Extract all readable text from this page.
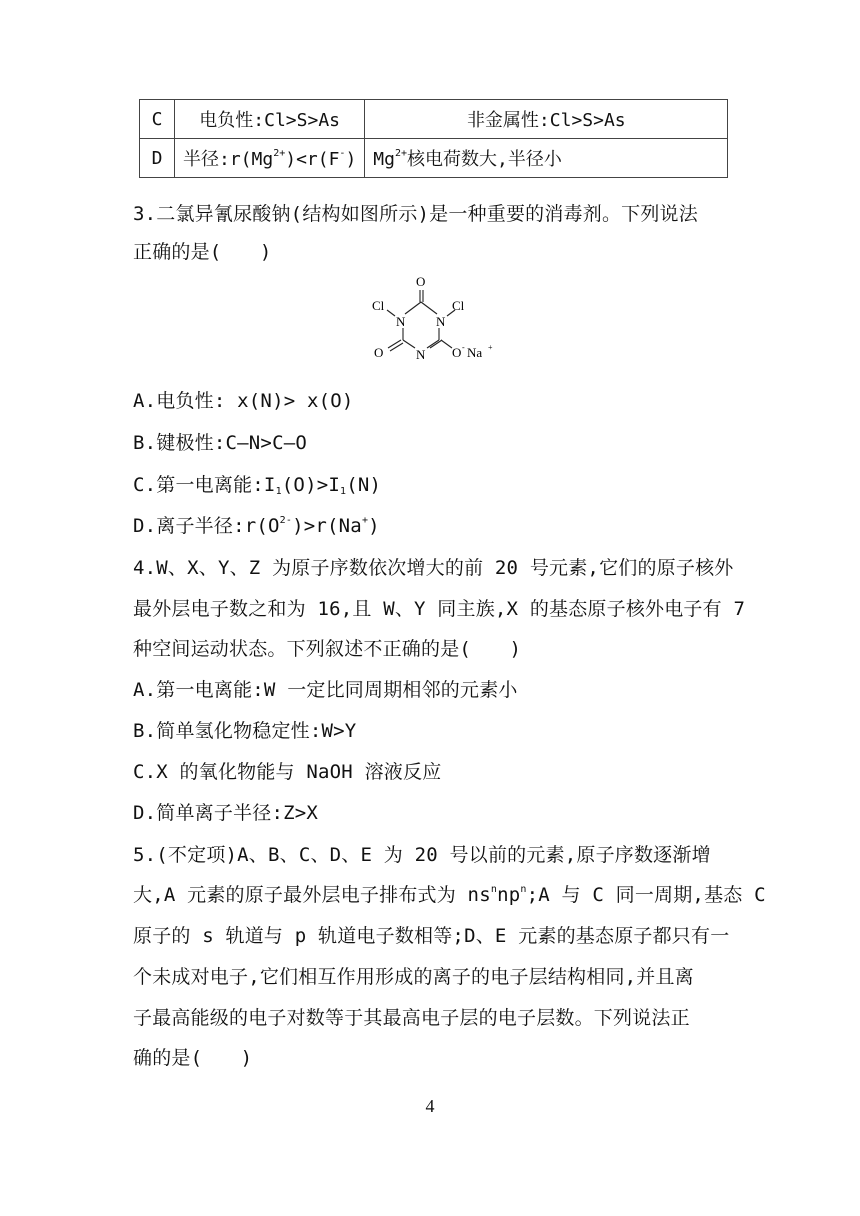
C	电负性:Cl>S>As	非金属性:Cl>S>As
D	半径$:r(Mg^{2+})<r(F^-)$	$Mg^{2+}$核电荷数大,半径小
3.二氯异氰尿酸钠(结构如图所示)是一种重要的消毒剂。下列说法
正确的是(　　)
O
Cl	Cl
N N
N
O	O - Na +
A.电负性: x(N)> x(O)
B.键极性:C—N>C—O
C.第一电离能$:I_1(O)>I_1(N)$
D.离子半径$:r(O^{2-})>r(Na^+)$
4.W、X、Y、Z 为原子序数依次增大的前 20 号元素,它们的原子核外
最外层电子数之和为 16,且 W、Y 同主族,X 的基态原子核外电子有 7
种空间运动状态。下列叙述不正确的是(　　)
A.第一电离能:W 一定比同周期相邻的元素小
B.简单氢化物稳定性:W>Y
C.X 的氧化物能与 NaOH 溶液反应
D.简单离子半径:Z>X
5.(不定项)A、B、C、D、E 为 20 号以前的元素,原子序数逐渐增
大,A 元素的原子最外层电子排布式为 $ns^nnp^n;A$ 与 C 同一周期,基态 C
原子的 s 轨道与 p 轨道电子数相等;D、E 元素的基态原子都只有一
个未成对电子,它们相互作用形成的离子的电子层结构相同,并且离
子最高能级的电子对数等于其最高电子层的电子层数。下列说法正
确的是(　　)
4
